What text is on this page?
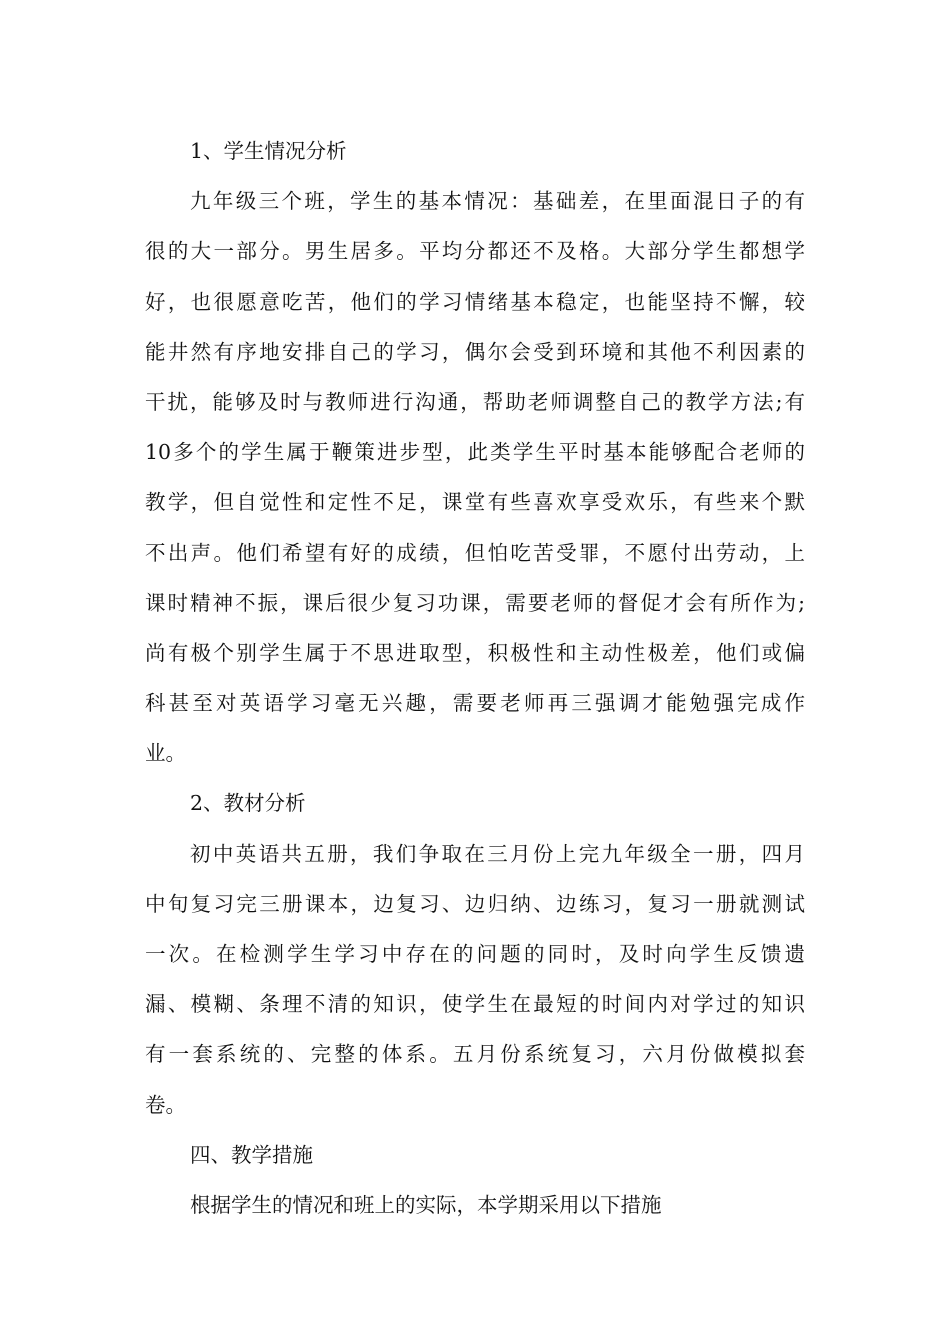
1、学生情况分析
九年级三个班，学生的基本情况：基础差，在里面混日子的有
很的大一部分。男生居多。平均分都还不及格。大部分学生都想学
好，也很愿意吃苦，他们的学习情绪基本稳定，也能坚持不懈，较
能井然有序地安排自己的学习，偶尔会受到环境和其他不利因素的
干扰，能够及时与教师进行沟通，帮助老师调整自己的教学方法;有
10多个的学生属于鞭策进步型，此类学生平时基本能够配合老师的
教学，但自觉性和定性不足，课堂有些喜欢享受欢乐，有些来个默
不出声。他们希望有好的成绩，但怕吃苦受罪，不愿付出劳动，上
课时精神不振，课后很少复习功课，需要老师的督促才会有所作为;
尚有极个别学生属于不思进取型，积极性和主动性极差，他们或偏
科甚至对英语学习毫无兴趣，需要老师再三强调才能勉强完成作
业。
2、教材分析
初中英语共五册，我们争取在三月份上完九年级全一册，四月
中旬复习完三册课本，边复习、边归纳、边练习，复习一册就测试
一次。在检测学生学习中存在的问题的同时，及时向学生反馈遗
漏、模糊、条理不清的知识，使学生在最短的时间内对学过的知识
有一套系统的、完整的体系。五月份系统复习，六月份做模拟套
卷。
四、教学措施
根据学生的情况和班上的实际，本学期采用以下措施
